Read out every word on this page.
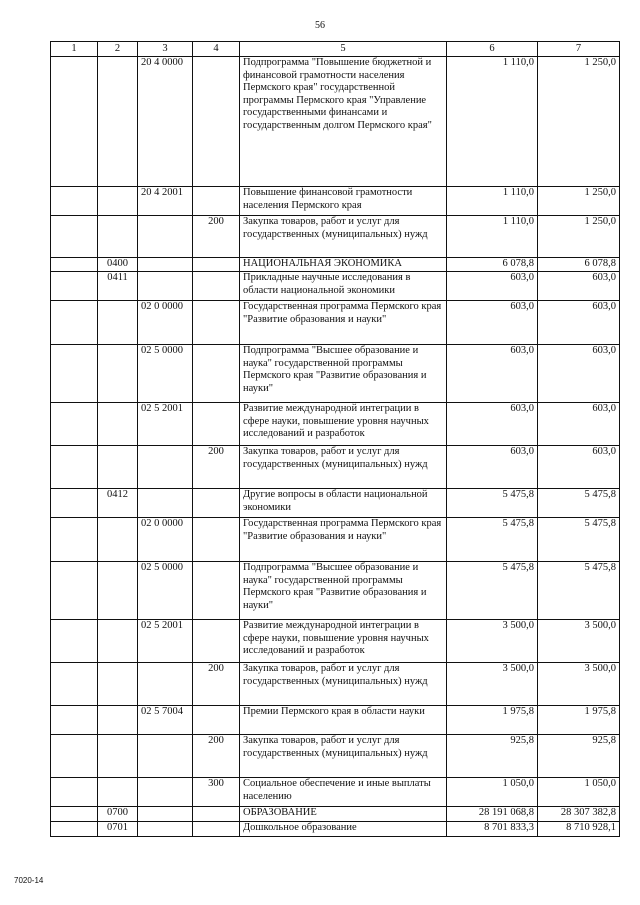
56
1	2	3	4	5	6	7
		20 4 0000		Подпрограмма "Повышение бюджетной и финансовой грамотности населения Пермского края" государственной программы Пермского края "Управление государственными финансами и государственным долгом Пермского края"	1 110,0	1 250,0
		20 4 2001		Повышение финансовой грамотности населения Пермского края	1 110,0	1 250,0
			200	Закупка товаров, работ и услуг для государственных (муниципальных) нужд	1 110,0	1 250,0
	0400			НАЦИОНАЛЬНАЯ ЭКОНОМИКА	6 078,8	6 078,8
	0411			Прикладные научные исследования в области национальной экономики	603,0	603,0
		02 0 0000		Государственная программа Пермского края "Развитие образования и науки"	603,0	603,0
		02 5 0000		Подпрограмма "Высшее образование и наука" государственной программы Пермского края "Развитие образования и науки"	603,0	603,0
		02 5 2001		Развитие международной интеграции в сфере науки, повышение уровня научных исследований и разработок	603,0	603,0
			200	Закупка товаров, работ и услуг для государственных (муниципальных) нужд	603,0	603,0
	0412			Другие вопросы в области национальной экономики	5 475,8	5 475,8
		02 0 0000		Государственная программа Пермского края "Развитие образования и науки"	5 475,8	5 475,8
		02 5 0000		Подпрограмма "Высшее образование и наука" государственной программы Пермского края "Развитие образования и науки"	5 475,8	5 475,8
		02 5 2001		Развитие международной интеграции в сфере науки, повышение уровня научных исследований и разработок	3 500,0	3 500,0
			200	Закупка товаров, работ и услуг для государственных (муниципальных) нужд	3 500,0	3 500,0
		02 5 7004		Премии Пермского края в области науки	1 975,8	1 975,8
			200	Закупка товаров, работ и услуг для государственных (муниципальных) нужд	925,8	925,8
			300	Социальное обеспечение и иные выплаты населению	1 050,0	1 050,0
	0700			ОБРАЗОВАНИЕ	28 191 068,8	28 307 382,8
	0701			Дошкольное образование	8 701 833,3	8 710 928,1
7020-14
